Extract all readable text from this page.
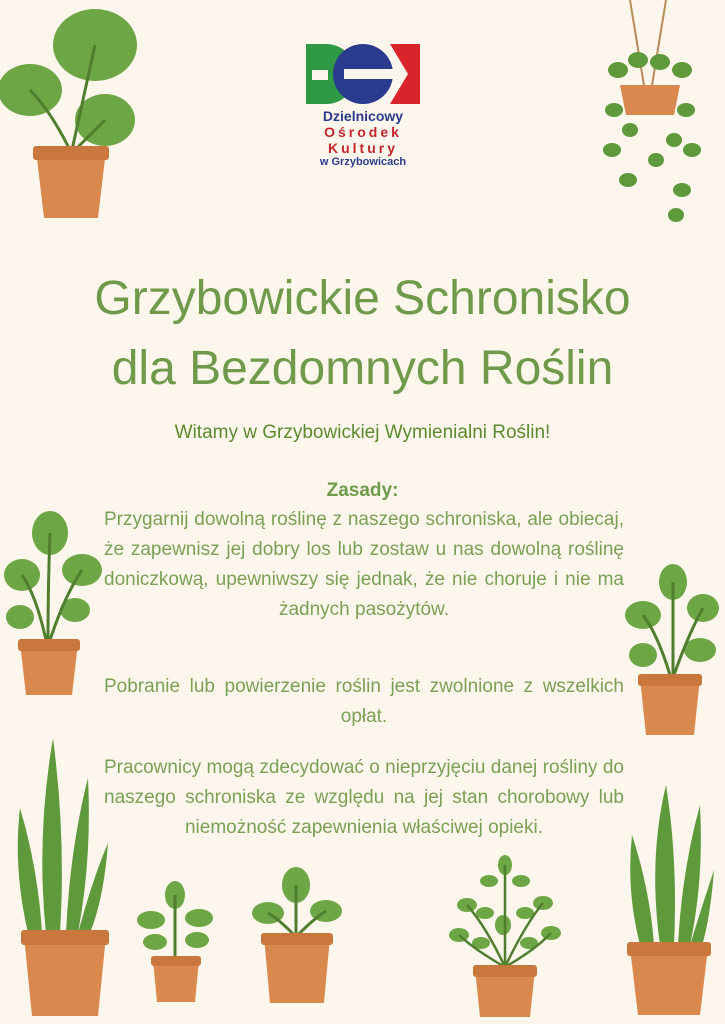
Dzielnicowy
Ośrodek
Kultury
w Grzybowicach
Grzybowickie Schronisko
dla Bezdomnych Roślin
Witamy w Grzybowickiej Wymienialni Roślin!
Zasady:
Przygarnij dowolną roślinę z naszego schroniska, ale obiecaj, że zapewnisz jej dobry los lub zostaw u nas dowolną roślinę doniczkową, upewniwszy się jednak, że nie choruje i nie ma żadnych pasożytów.
Pobranie lub powierzenie roślin jest zwolnione z wszelkich opłat.
Pracownicy mogą zdecydować o nieprzyjęciu danej rośliny do naszego schroniska ze względu na jej stan chorobowy lub niemożność zapewnienia właściwej opieki.
